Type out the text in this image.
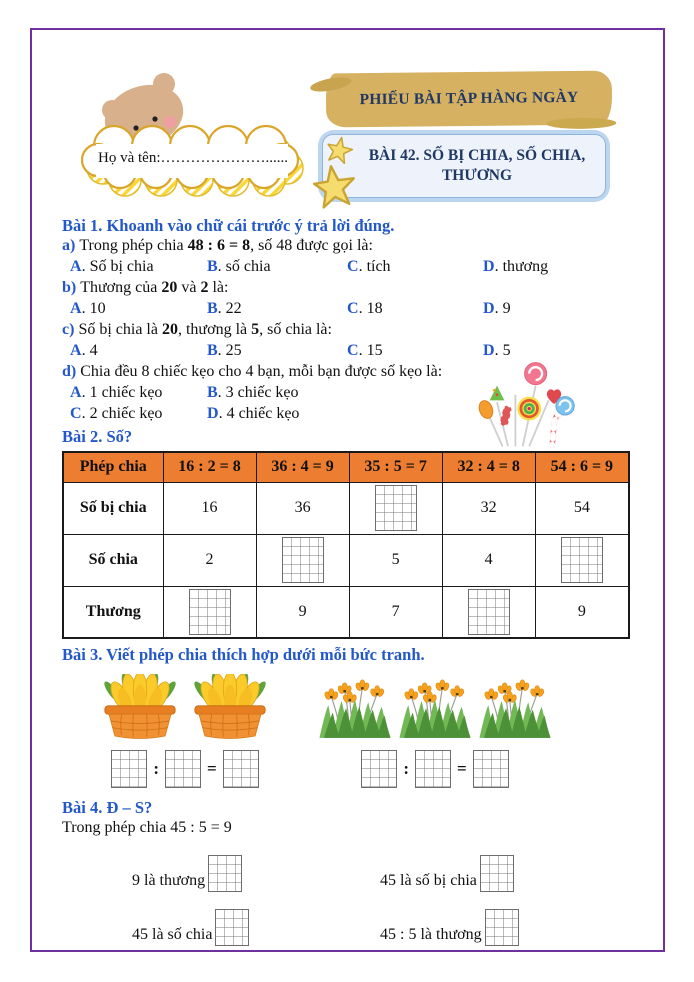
Họ và tên:…………………......
PHIẾU BÀI TẬP HÀNG NGÀY
BÀI 42. SỐ BỊ CHIA, SỐ CHIA, THƯƠNG
Bài 1. Khoanh vào chữ cái trước ý trả lời đúng.
a) Trong phép chia 48 : 6 = 8, số 48 được gọi là:
A. Số bị chia	B. số chia	C. tích	D. thương
b) Thương của 20 và 2 là:
A. 10	B. 22	C. 18	D. 9
c) Số bị chia là 20, thương là 5, số chia là:
A. 4	B. 25	C. 15	D. 5
d) Chia đều 8 chiếc kẹo cho 4 bạn, mỗi bạn được số kẹo là:
A. 1 chiếc kẹo	B. 3 chiếc kẹo
C. 2 chiếc kẹo	D. 4 chiếc kẹo
Bài 2. Số?
Phép chia	16 : 2 = 8	36 : 4 = 9	35 : 5 = 7	32 : 4 = 8	54 : 6 = 9
Số bị chia	16	36		32	54
Số chia	2		5	4	
Thương		9	7		9
Bài 3. Viết phép chia thích hợp dưới mỗi bức tranh.
:	=	:	=
Bài 4. Đ – S?
Trong phép chia 45 : 5 = 9
9 là thương	45 là số bị chia
45 là số chia	45 : 5 là thương
